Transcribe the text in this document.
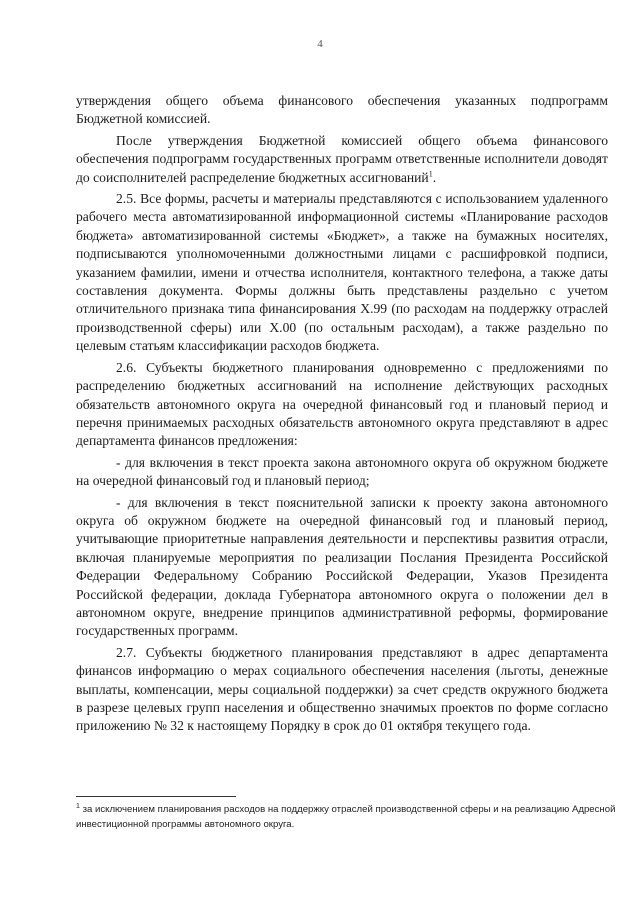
4

утверждения общего объема финансового обеспечения указанных подпрограмм Бюджетной комиссией.

После утверждения Бюджетной комиссией общего объема финансового обеспечения подпрограмм государственных программ ответственные исполнители доводят до соисполнителей распределение бюджетных ассигнований$^1$.

2.5. Все формы, расчеты и материалы представляются с использованием удаленного рабочего места автоматизированной информационной системы «Планирование расходов бюджета» автоматизированной системы «Бюджет», а также на бумажных носителях, подписываются уполномоченными должностными лицами с расшифровкой подписи, указанием фамилии, имени и отчества исполнителя, контактного телефона, а также даты составления документа. Формы должны быть представлены раздельно с учетом отличительного признака типа финансирования Х.99 (по расходам на поддержку отраслей производственной сферы) или Х.00 (по остальным расходам), а также раздельно по целевым статьям классификации расходов бюджета.

2.6. Субъекты бюджетного планирования одновременно с предложениями по распределению бюджетных ассигнований на исполнение действующих расходных обязательств автономного округа на очередной финансовый год и плановый период и перечня принимаемых расходных обязательств автономного округа представляют в адрес департамента финансов предложения:

- для включения в текст проекта закона автономного округа об окружном бюджете на очередной финансовый год и плановый период;

- для включения в текст пояснительной записки к проекту закона автономного округа об окружном бюджете на очередной финансовый год и плановый период, учитывающие приоритетные направления деятельности и перспективы развития отрасли, включая планируемые мероприятия по реализации Послания Президента Российской Федерации Федеральному Собранию Российской Федерации, Указов Президента Российской федерации, доклада Губернатора автономного округа о положении дел в автономном округе, внедрение принципов административной реформы, формирование государственных программ.

2.7. Субъекты бюджетного планирования представляют в адрес департамента финансов информацию о мерах социального обеспечения населения (льготы, денежные выплаты, компенсации, меры социальной поддержки) за счет средств окружного бюджета в разрезе целевых групп населения и общественно значимых проектов по форме согласно приложению № 32 к настоящему Порядку в срок до 01 октября текущего года.

$^1$ за исключением планирования расходов на поддержку отраслей производственной сферы и на реализацию Адресной инвестиционной программы автономного округа.
